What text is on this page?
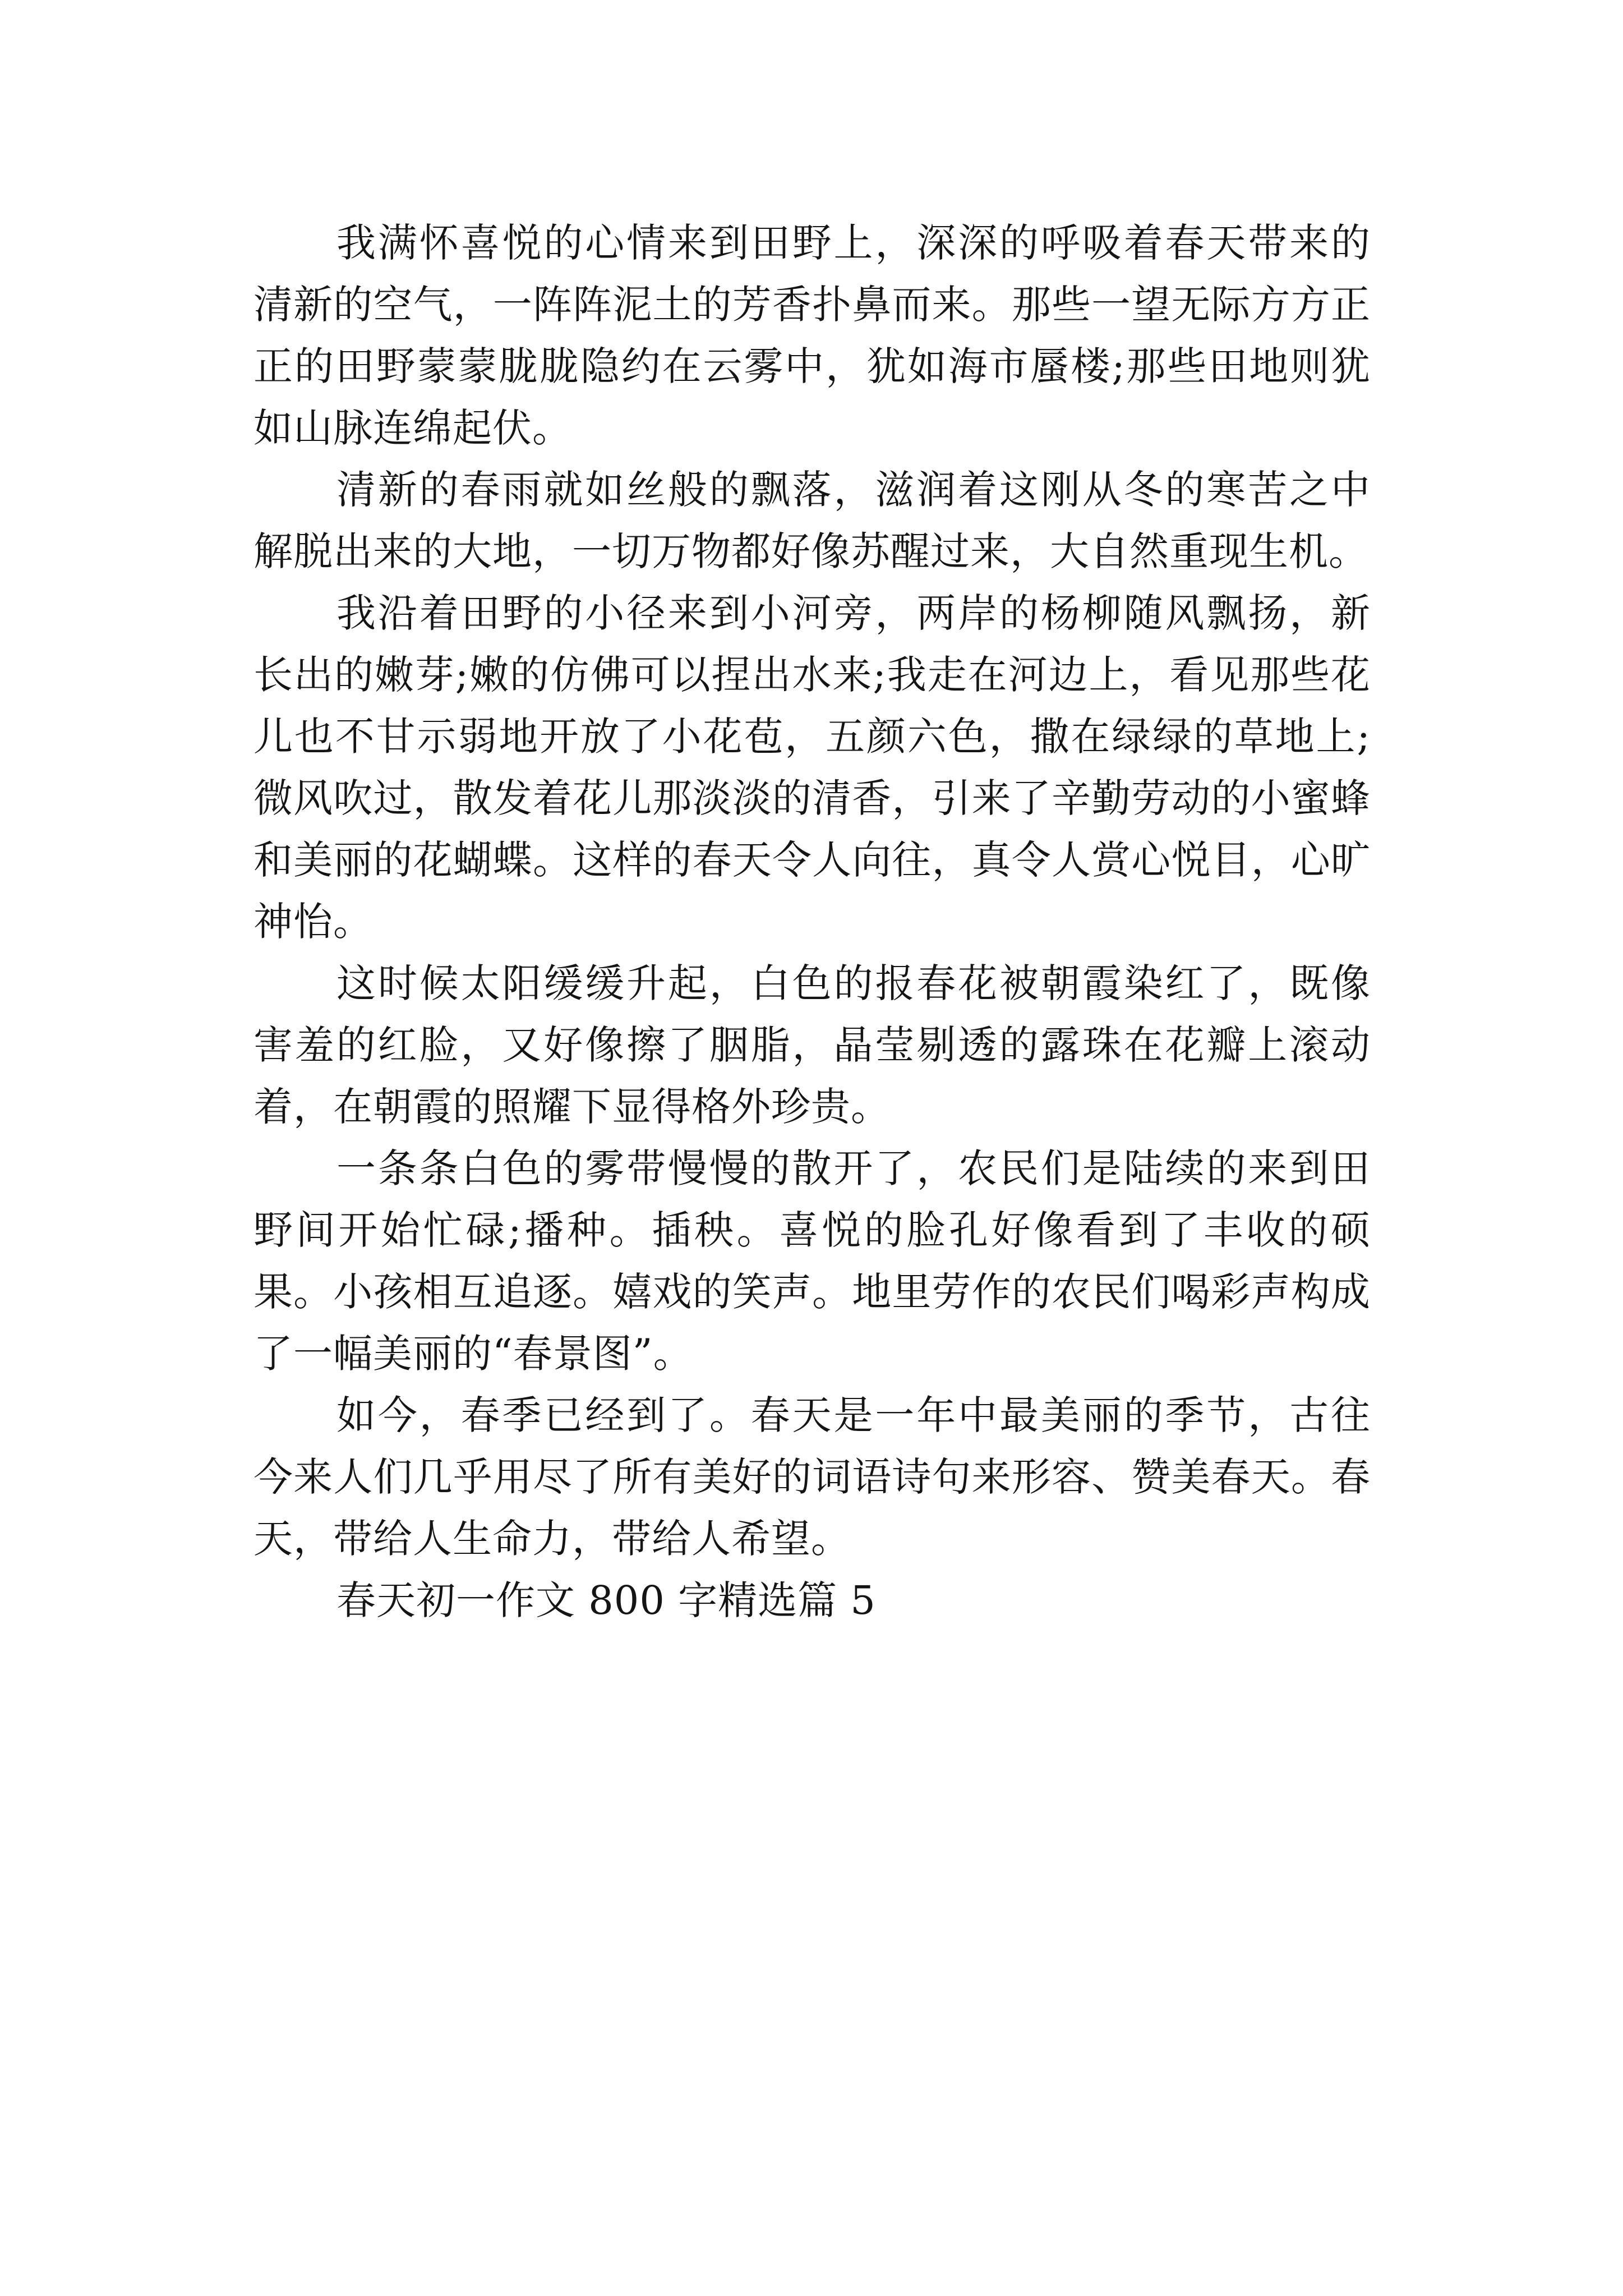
我满怀喜悦的心情来到田野上，深深的呼吸着春天带来的清新的空气，一阵阵泥土的芳香扑鼻而来。那些一望无际方方正正的田野蒙蒙胧胧隐约在云雾中，犹如海市蜃楼;那些田地则犹如山脉连绵起伏。

清新的春雨就如丝般的飘落，滋润着这刚从冬的寒苦之中解脱出来的大地，一切万物都好像苏醒过来，大自然重现生机。

我沿着田野的小径来到小河旁，两岸的杨柳随风飘扬，新长出的嫩芽;嫩的仿佛可以捏出水来;我走在河边上，看见那些花儿也不甘示弱地开放了小花苞，五颜六色，撒在绿绿的草地上;微风吹过，散发着花儿那淡淡的清香，引来了辛勤劳动的小蜜蜂和美丽的花蝴蝶。这样的春天令人向往，真令人赏心悦目，心旷神怡。

这时候太阳缓缓升起，白色的报春花被朝霞染红了，既像害羞的红脸，又好像擦了胭脂，晶莹剔透的露珠在花瓣上滚动着，在朝霞的照耀下显得格外珍贵。

一条条白色的雾带慢慢的散开了，农民们是陆续的来到田野间开始忙碌;播种。插秧。喜悦的脸孔好像看到了丰收的硕果。小孩相互追逐。嬉戏的笑声。地里劳作的农民们喝彩声构成了一幅美丽的“春景图”。

如今，春季已经到了。春天是一年中最美丽的季节，古往今来人们几乎用尽了所有美好的词语诗句来形容、赞美春天。春天，带给人生命力，带给人希望。

春天初一作文 800 字精选篇 5
